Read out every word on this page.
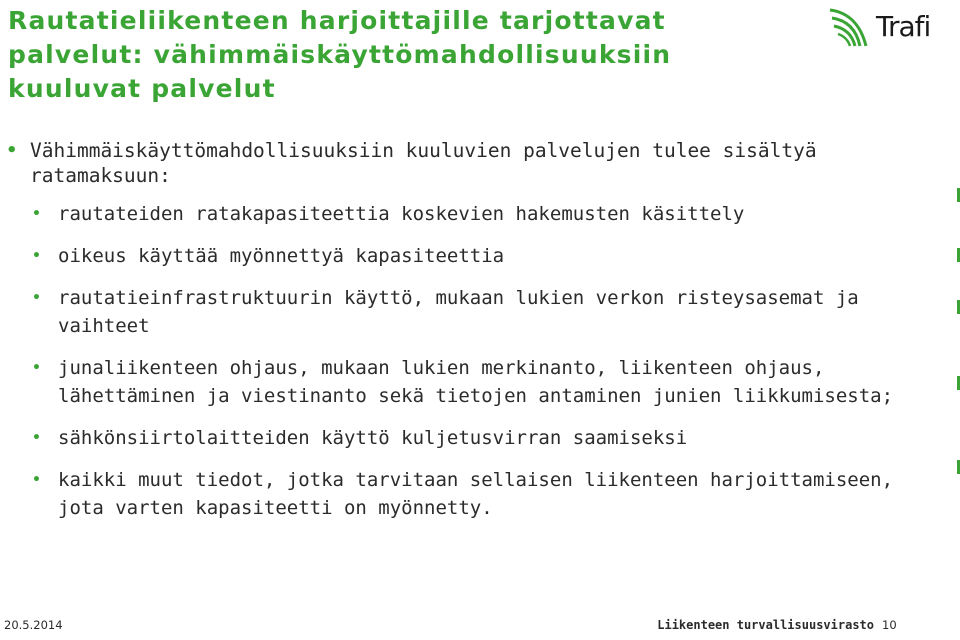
Rautatieliikenteen harjoittajille tarjottavat palvelut: vähimmäiskäyttömahdollisuuksiin kuuluvat palvelut
Trafi
• Vähimmäiskäyttömahdollisuuksiin kuuluvien palvelujen tulee sisältyä ratamaksuun:
• rautateiden ratakapasiteettia koskevien hakemusten käsittely
• oikeus käyttää myönnettyä kapasiteettia
• rautatieinfrastruktuurin käyttö, mukaan lukien verkon risteysasemat ja vaihteet
• junaliikenteen ohjaus, mukaan lukien merkinanto, liikenteen ohjaus, lähettäminen ja viestinanto sekä tietojen antaminen junien liikkumisesta;
• sähkönsiirtolaitteiden käyttö kuljetusvirran saamiseksi
• kaikki muut tiedot, jotka tarvitaan sellaisen liikenteen harjoittamiseen, jota varten kapasiteetti on myönnetty.
20.5.2014	Liikenteen turvallisuusvirasto 10
